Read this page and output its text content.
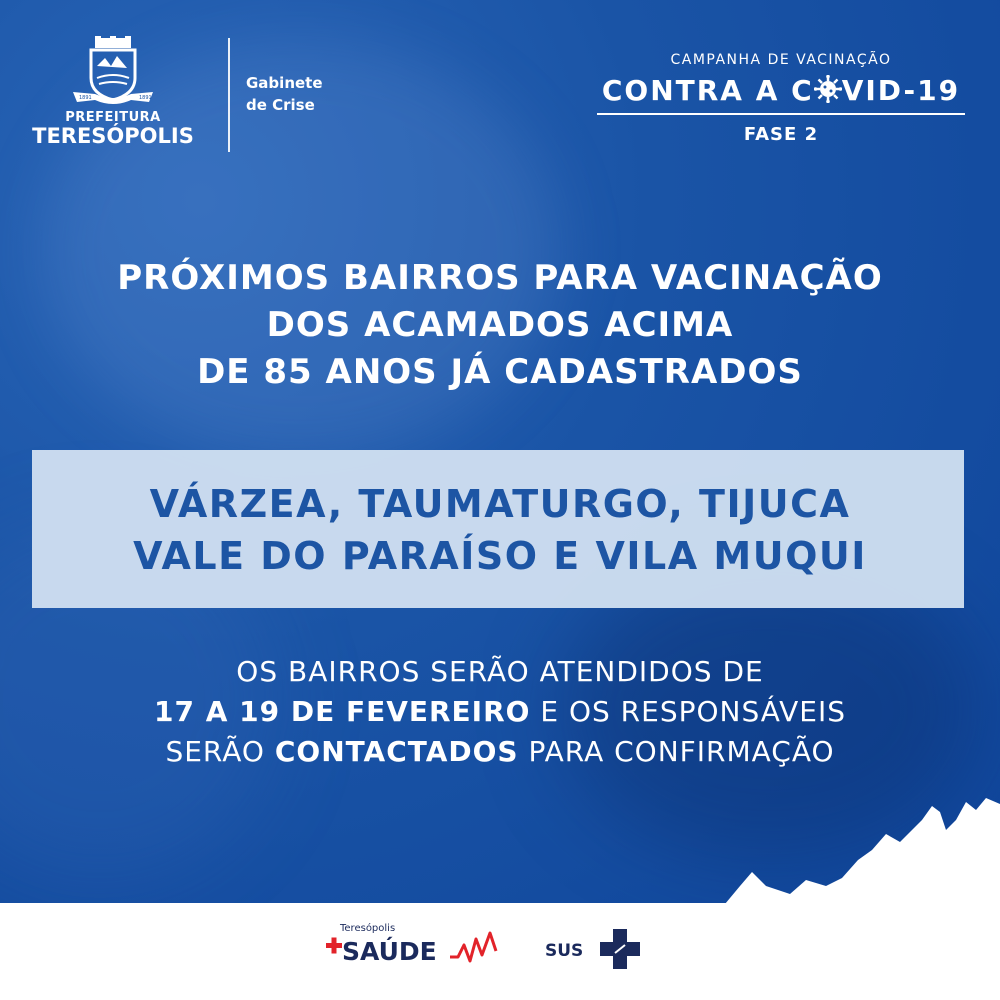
1891	1891
PREFEITURA
TERESÓPOLIS
Gabinete
de Crise
CAMPANHA DE VACINAÇÃO
CONTRA A C VID-19
FASE 2
PRÓXIMOS BAIRROS PARA VACINAÇÃO
DOS ACAMADOS ACIMA
DE 85 ANOS JÁ CADASTRADOS
VÁRZEA, TAUMATURGO, TIJUCA
VALE DO PARAÍSO E VILA MUQUI
OS BAIRROS SERÃO ATENDIDOS DE
17 A 19 DE FEVEREIRO E OS RESPONSÁVEIS
SERÃO CONTACTADOS PARA CONFIRMAÇÃO
Teresópolis
SAÚDE	SUS
